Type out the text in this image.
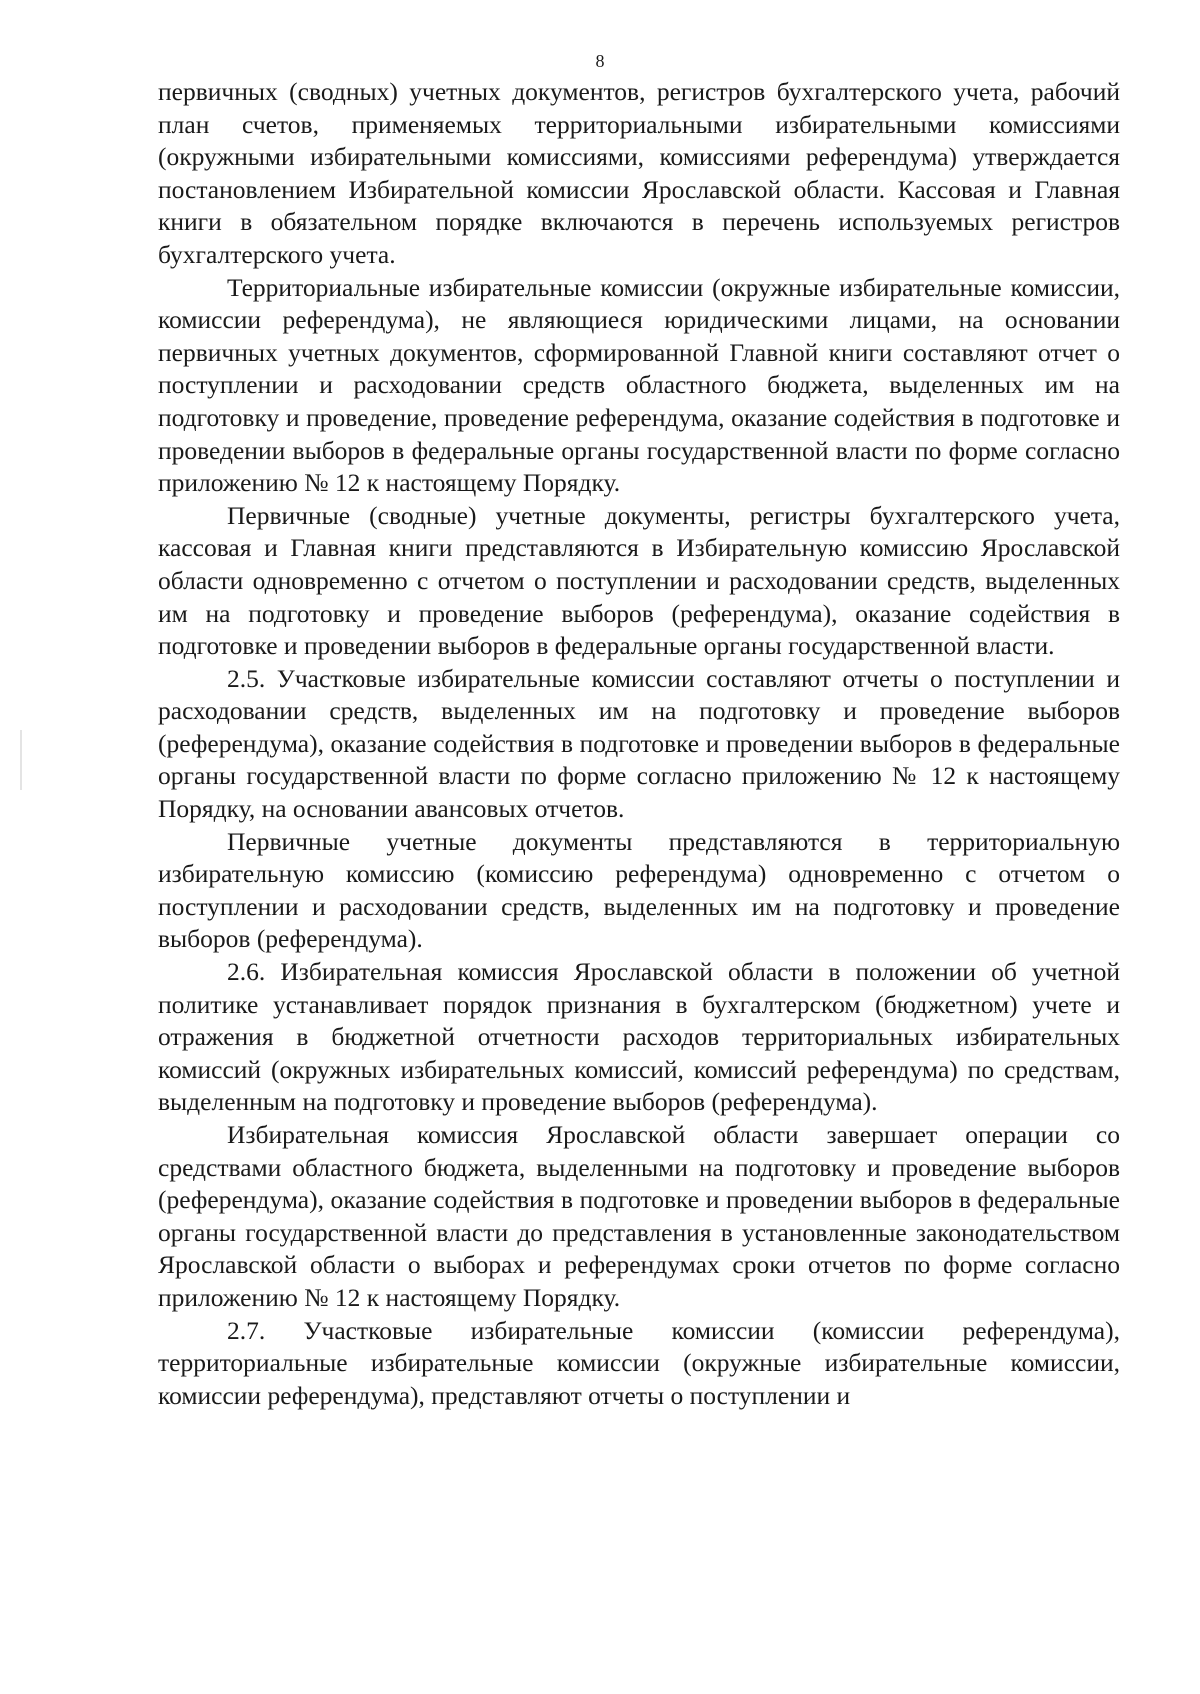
8

первичных (сводных) учетных документов, регистров бухгалтерского учета, рабочий план счетов, применяемых территориальными избирательными комиссиями (окружными избирательными комиссиями, комиссиями референдума) утверждается постановлением Избирательной комиссии Ярославской области. Кассовая и Главная книги в обязательном порядке включаются в перечень используемых регистров бухгалтерского учета.

Территориальные избирательные комиссии (окружные избирательные комиссии, комиссии референдума), не являющиеся юридическими лицами, на основании первичных учетных документов, сформированной Главной книги составляют отчет о поступлении и расходовании средств областного бюджета, выделенных им на подготовку и проведение, проведение референдума, оказание содействия в подготовке и проведении выборов в федеральные органы государственной власти по форме согласно приложению № 12 к настоящему Порядку.

Первичные (сводные) учетные документы, регистры бухгалтерского учета, кассовая и Главная книги представляются в Избирательную комиссию Ярославской области одновременно с отчетом о поступлении и расходовании средств, выделенных им на подготовку и проведение выборов (референдума), оказание содействия в подготовке и проведении выборов в федеральные органы государственной власти.

2.5. Участковые избирательные комиссии составляют отчеты о поступлении и расходовании средств, выделенных им на подготовку и проведение выборов (референдума), оказание содействия в подготовке и проведении выборов в федеральные органы государственной власти по форме согласно приложению № 12 к настоящему Порядку, на основании авансовых отчетов.

Первичные учетные документы представляются в территориальную избирательную комиссию (комиссию референдума) одновременно с отчетом о поступлении и расходовании средств, выделенных им на подготовку и проведение выборов (референдума).

2.6. Избирательная комиссия Ярославской области в положении об учетной политике устанавливает порядок признания в бухгалтерском (бюджетном) учете и отражения в бюджетной отчетности расходов территориальных избирательных комиссий (окружных избирательных комиссий, комиссий референдума) по средствам, выделенным на подготовку и проведение выборов (референдума).

Избирательная комиссия Ярославской области завершает операции со средствами областного бюджета, выделенными на подготовку и проведение выборов (референдума), оказание содействия в подготовке и проведении выборов в федеральные органы государственной власти до представления в установленные законодательством Ярославской области о выборах и референдумах сроки отчетов по форме согласно приложению № 12 к настоящему Порядку.

2.7. Участковые избирательные комиссии (комиссии референдума), территориальные избирательные комиссии (окружные избирательные комиссии, комиссии референдума), представляют отчеты о поступлении и
